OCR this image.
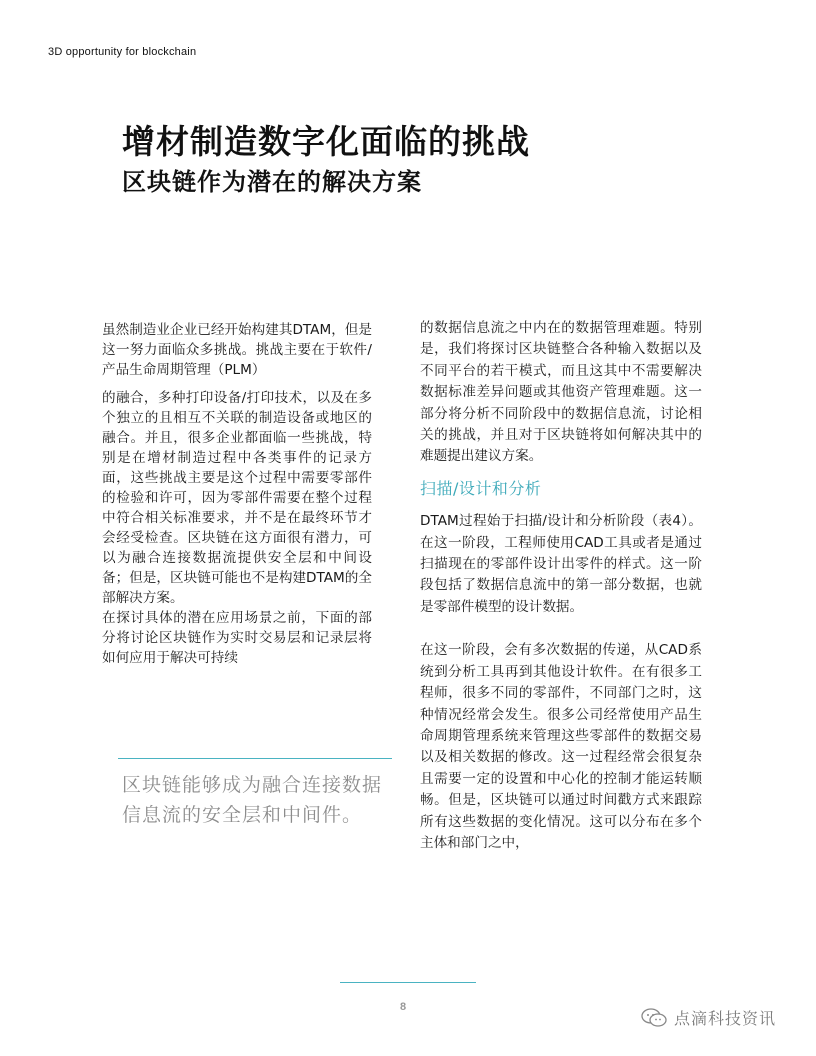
3D opportunity for blockchain
增材制造数字化面临的挑战
区块链作为潜在的解决方案

虽然制造业企业已经开始构建其DTAM，但是这一努力面临众多挑战。挑战主要在于软件/产品生命周期管理（PLM）

的融合，多种打印设备/打印技术，以及在多个独立的且相互不关联的制造设备或地区的融合。并且，很多企业都面临一些挑战，特别是在增材制造过程中各类事件的记录方面，这些挑战主要是这个过程中需要零部件的检验和许可，因为零部件需要在整个过程中符合相关标准要求，并不是在最终环节才会经受检查。区块链在这方面很有潜力，可以为融合连接数据流提供安全层和中间设备；但是，区块链可能也不是构建DTAM的全部解决方案。

在探讨具体的潜在应用场景之前，下面的部分将讨论区块链作为实时交易层和记录层将如何应用于解决可持续

区块链能够成为融合连接数据信息流的安全层和中间件。

的数据信息流之中内在的数据管理难题。特别是，我们将探讨区块链整合各种输入数据以及不同平台的若干模式，而且这其中不需要解决数据标准差异问题或其他资产管理难题。这一部分将分析不同阶段中的数据信息流，讨论相关的挑战，并且对于区块链将如何解决其中的难题提出建议方案。

扫描/设计和分析

DTAM过程始于扫描/设计和分析阶段（表4）。在这一阶段，工程师使用CAD工具或者是通过扫描现在的零部件设计出零件的样式。这一阶段包括了数据信息流中的第一部分数据，也就是零部件模型的设计数据。

在这一阶段，会有多次数据的传递，从CAD系统到分析工具再到其他设计软件。在有很多工程师，很多不同的零部件，不同部门之时，这种情况经常会发生。很多公司经常使用产品生命周期管理系统来管理这些零部件的数据交易以及相关数据的修改。这一过程经常会很复杂且需要一定的设置和中心化的控制才能运转顺畅。但是，区块链可以通过时间戳方式来跟踪所有这些数据的变化情况。这可以分布在多个主体和部门之中，

8
点滴科技资讯
